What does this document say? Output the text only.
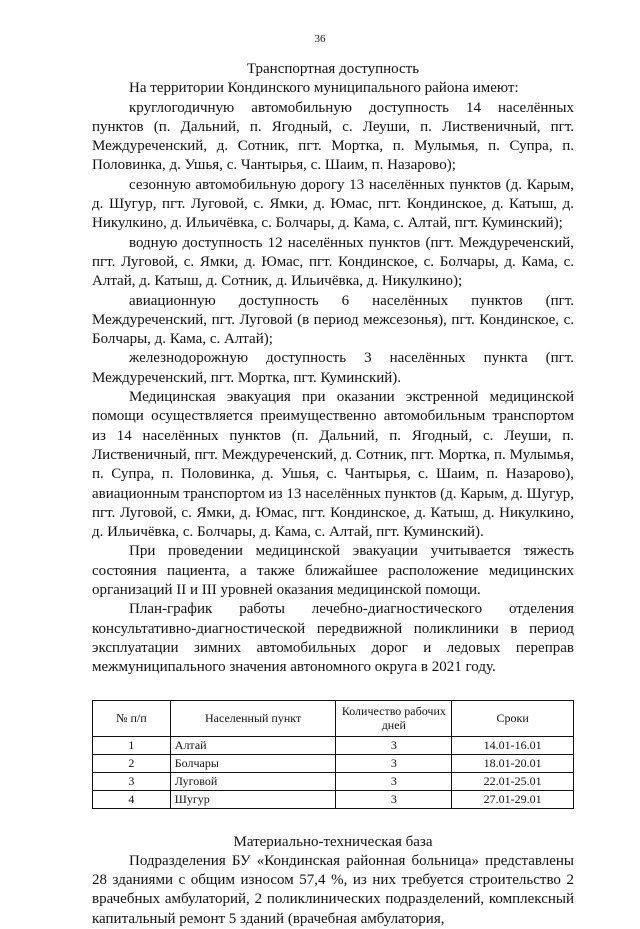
36
Транспортная доступность

На территории Кондинского муниципального района имеют:

круглогодичную автомобильную доступность 14 населённых пунктов (п. Дальний, п. Ягодный, с. Леуши, п. Лиственичный, пгт. Междуреченский, д. Сотник, пгт. Мортка, п. Мулымья, п. Супра, п. Половинка, д. Ушья, с. Чантырья, с. Шаим, п. Назарово);

сезонную автомобильную дорогу 13 населённых пунктов (д. Карым, д. Шугур, пгт. Луговой, с. Ямки, д. Юмас, пгт. Кондинское, д. Катыш, д. Никулкино, д. Ильичёвка, с. Болчары, д. Кама, с. Алтай, пгт. Куминский);

водную доступность 12 населённых пунктов (пгт. Междуреченский, пгт. Луговой, с. Ямки, д. Юмас, пгт. Кондинское, с. Болчары, д. Кама, с. Алтай, д. Катыш, д. Сотник, д. Ильичёвка, д. Никулкино);

авиационную доступность 6 населённых пунктов (пгт. Междуреченский, пгт. Луговой (в период межсезонья), пгт. Кондинское, с. Болчары, д. Кама, с. Алтай);

железнодорожную доступность 3 населённых пункта (пгт. Междуреченский, пгт. Мортка, пгт. Куминский).

Медицинская эвакуация при оказании экстренной медицинской помощи осуществляется преимущественно автомобильным транспортом из 14 населённых пунктов (п. Дальний, п. Ягодный, с. Леуши, п. Лиственичный, пгт. Междуреченский, д. Сотник, пгт. Мортка, п. Мулымья, п. Супра, п. Половинка, д. Ушья, с. Чантырья, с. Шаим, п. Назарово), авиационным транспортом из 13 населённых пунктов (д. Карым, д. Шугур, пгт. Луговой, с. Ямки, д. Юмас, пгт. Кондинское, д. Катыш, д. Никулкино, д. Ильичёвка, с. Болчары, д. Кама, с. Алтай, пгт. Куминский).

При проведении медицинской эвакуации учитывается тяжесть состояния пациента, а также ближайшее расположение медицинских организаций II и III уровней оказания медицинской помощи.

План-график работы лечебно-диагностического отделения консультативно-диагностической передвижной поликлиники в период эксплуатации зимних автомобильных дорог и ледовых переправ межмуниципального значения автономного округа в 2021 году.

№ п/п	Населенный пункт	Количество рабочих дней	Сроки
1	Алтай	3	14.01-16.01
2	Болчары	3	18.01-20.01
3	Луговой	3	22.01-25.01
4	Шугур	3	27.01-29.01
Материально-техническая база

Подразделения БУ «Кондинская районная больница» представлены 28 зданиями с общим износом 57,4 %, из них требуется строительство 2 врачебных амбулаторий, 2 поликлинических подразделений, комплексный капитальный ремонт 5 зданий (врачебная амбулатория,
